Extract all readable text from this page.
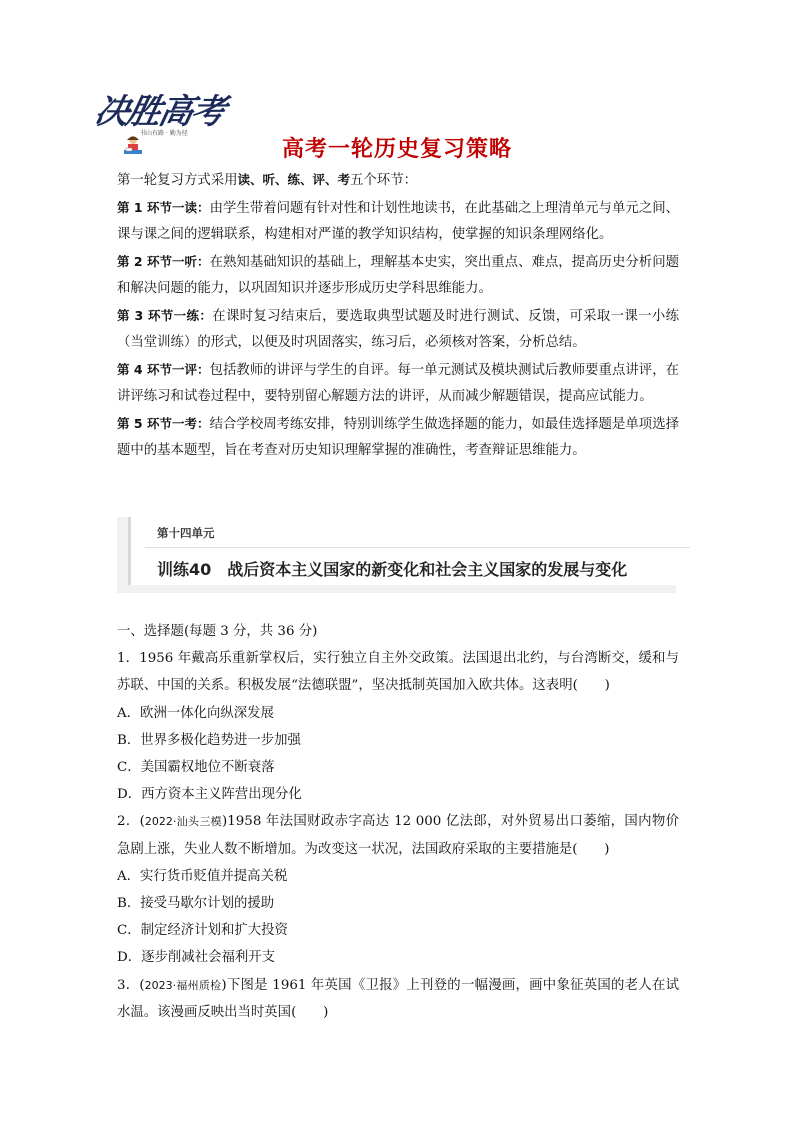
决胜高考
书山有路 · 勤为径
高考一轮历史复习策略

第一轮复习方式采用读、听、练、评、考五个环节：

第 1 环节一读：由学生带着问题有针对性和计划性地读书，在此基础之上理清单元与单元之间、课与课之间的逻辑联系，构建相对严谨的教学知识结构，使掌握的知识条理网络化。

第 2 环节一听：在熟知基础知识的基础上，理解基本史实，突出重点、难点，提高历史分析问题和解决问题的能力，以巩固知识并逐步形成历史学科思维能力。

第 3 环节一练：在课时复习结束后，要选取典型试题及时进行测试、反馈，可采取一课一小练（当堂训练）的形式，以便及时巩固落实，练习后，必须核对答案，分析总结。

第 4 环节一评：包括教师的讲评与学生的自评。每一单元测试及模块测试后教师要重点讲评，在讲评练习和试卷过程中，要特别留心解题方法的讲评，从而减少解题错误，提高应试能力。

第 5 环节一考：结合学校周考练安排，特别训练学生做选择题的能力，如最佳选择题是单项选择题中的基本题型，旨在考查对历史知识理解掌握的准确性，考查辩证思维能力。

第十四单元
训练40　战后资本主义国家的新变化和社会主义国家的发展与变化

一、选择题(每题 3 分，共 36 分)

1．1956 年戴高乐重新掌权后，实行独立自主外交政策。法国退出北约，与台湾断交，缓和与苏联、中国的关系。积极发展“法德联盟”，坚决抵制英国加入欧共体。这表明(　　)

A．欧洲一体化向纵深发展

B．世界多极化趋势进一步加强

C．美国霸权地位不断衰落

D．西方资本主义阵营出现分化

2．(2022·汕头三模)1958 年法国财政赤字高达 12 000 亿法郎，对外贸易出口萎缩，国内物价急剧上涨，失业人数不断增加。为改变这一状况，法国政府采取的主要措施是(　　)

A．实行货币贬值并提高关税

B．接受马歇尔计划的援助

C．制定经济计划和扩大投资

D．逐步削减社会福利开支

3．(2023·福州质检)下图是 1961 年英国《卫报》上刊登的一幅漫画，画中象征英国的老人在试水温。该漫画反映出当时英国(　　)
